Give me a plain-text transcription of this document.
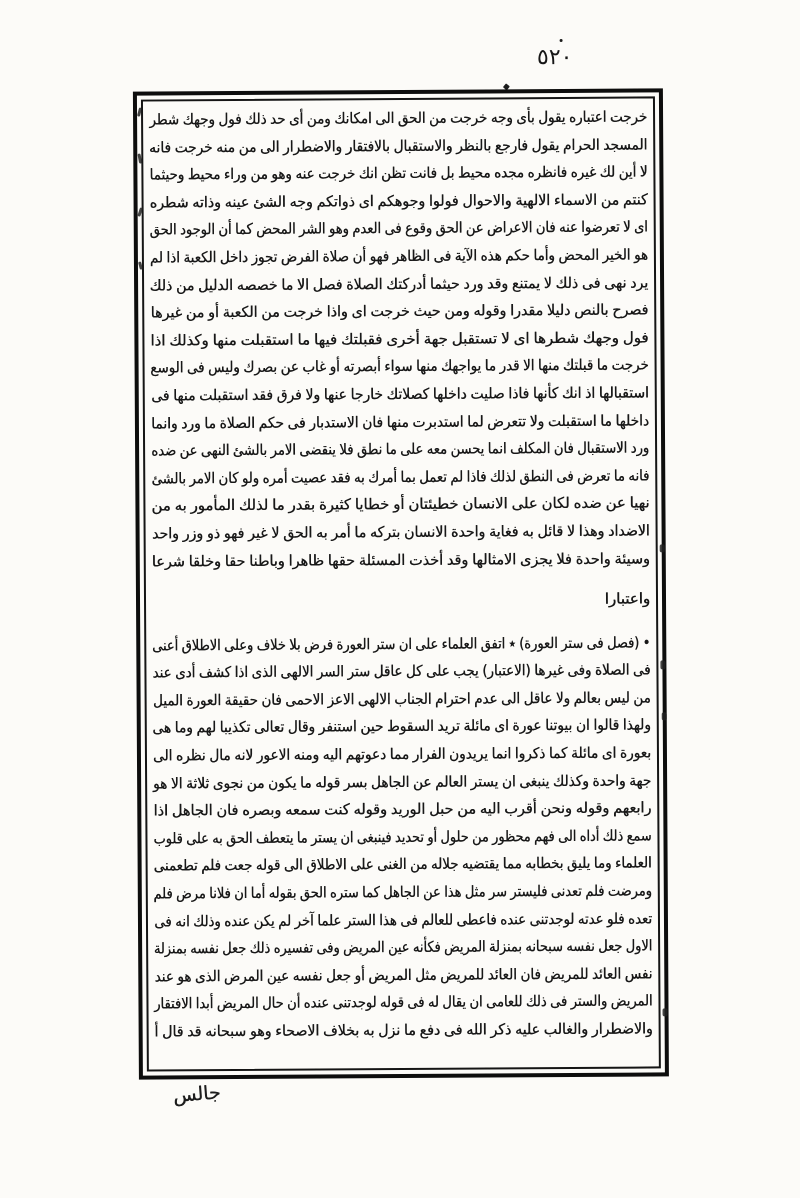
٥٢٠
خرجت
اعتباره
يقول
بأى
وجه
خرجت
من
الحق
الى
امكانك
ومن
أى
حد
ذلك
فول
وجهك
شطر
المسجد
الحرام
يقول
فارجع
بالنظر
والاستقبال
بالافتقار
والاضطرار
الى
من
منه
خرجت
فانه
لا
أين
لك
غيره
فانظره
مجده
محيط
بل
فانت
تظن
انك
خرجت
عنه
وهو
من
وراء
محيط
وحيثما
كنتم
من
الاسماء
الالهية
والاحوال
فولوا
وجوهكم
اى
ذواتكم
وجه
الشئ
عينه
وذاته
شطره
اى
لا
تعرضوا
عنه
فان
الاعراض
عن
الحق
وقوع
فى
العدم
وهو
الشر
المحض
كما
أن
الوجود
الحق
هو
الخير
المحض
وأما
حكم
هذه
الآية
فى
الظاهر
فهو
أن
صلاة
الفرض
تجوز
داخل
الكعبة
اذا
لم
يرد
نهى
فى
ذلك
لا
يمتنع
وقد
ورد
حيثما
أدركتك
الصلاة
فصل
الا
ما
خصصه
الدليل
من
ذلك
فصرح
بالنص
دليلا
مقدرا
وقوله
ومن
حيث
خرجت
اى
واذا
خرجت
من
الكعبة
أو
من
غيرها
فول
وجهك
شطرها
اى
لا
تستقبل
جهة
أخرى
فقبلتك
فيها
ما
استقبلت
منها
وكذلك
اذا
خرجت
ما
قبلتك
منها
الا
قدر
ما
يواجهك
منها
سواء
أبصرته
أو
غاب
عن
بصرك
وليس
فى
الوسع
استقبالها
اذ
انك
كأنها
فاذا
صليت
داخلها
كصلاتك
خارجا
عنها
ولا
فرق
فقد
استقبلت
منها
فى
داخلها
ما
استقبلت
ولا
تتعرض
لما
استدبرت
منها
فان
الاستدبار
فى
حكم
الصلاة
ما
ورد
وانما
ورد
الاستقبال
فان
المكلف
انما
يحسن
معه
على
ما
نطق
فلا
ينقضى
الامر
بالشئ
النهى
عن
ضده
فانه
ما
تعرض
فى
النطق
لذلك
فاذا
لم
تعمل
بما
أمرك
به
فقد
عصيت
أمره
ولو
كان
الامر
بالشئ
نهيا
عن
ضده
لكان
على
الانسان
خطيئتان
أو
خطايا
كثيرة
بقدر
ما
لذلك
المأمور
به
من
الاضداد
وهذا
لا
قائل
به
فغاية
واحدة
الانسان
بتركه
ما
أمر
به
الحق
لا
غير
فهو
ذو
وزر
واحد
وسيئة
واحدة
فلا
يجزى
الامثالها
وقد
أخذت
المسئلة
حقها
ظاهرا
وباطنا
حقا
وخلقا
شرعا
واعتبارا
•
(فصل
فى
ستر
العورة)
٭
اتفق
العلماء
على
ان
ستر
العورة
فرض
بلا
خلاف
وعلى
الاطلاق
أعنى
فى
الصلاة
وفى
غيرها
(الاعتبار)
يجب
على
كل
عاقل
ستر
السر
الالهى
الذى
اذا
كشف
أدى
عند
من
ليس
بعالم
ولا
عاقل
الى
عدم
احترام
الجناب
الالهى
الاعز
الاحمى
فان
حقيقة
العورة
الميل
ولهذا
قالوا
ان
بيوتنا
عورة
اى
مائلة
تريد
السقوط
حين
استنفر
وقال
تعالى
تكذيبا
لهم
وما
هى
بعورة
اى
مائلة
كما
ذكروا
انما
يريدون
الفرار
مما
دعوتهم
اليه
ومنه
الاعور
لانه
مال
نظره
الى
جهة
واحدة
وكذلك
ينبغى
ان
يستر
العالم
عن
الجاهل
بسر
قوله
ما
يكون
من
نجوى
ثلاثة
الا
هو
رابعهم
وقوله
ونحن
أقرب
اليه
من
حبل
الوريد
وقوله
كنت
سمعه
وبصره
فان
الجاهل
اذا
سمع
ذلك
أداه
الى
فهم
محظور
من
حلول
أو
تحديد
فينبغى
ان
يستر
ما
يتعطف
الحق
به
على
قلوب
العلماء
وما
يليق
بخطابه
مما
يقتضيه
جلاله
من
الغنى
على
الاطلاق
الى
قوله
جعت
فلم
تطعمنى
ومرضت
فلم
تعدنى
فليستر
سر
مثل
هذا
عن
الجاهل
كما
ستره
الحق
بقوله
أما
ان
فلانا
مرض
فلم
تعده
فلو
عدته
لوجدتنى
عنده
فاعطى
للعالم
فى
هذا
الستر
علما
آخر
لم
يكن
عنده
وذلك
انه
فى
الاول
جعل
نفسه
سبحانه
بمنزلة
المريض
فكأنه
عين
المريض
وفى
تفسيره
ذلك
جعل
نفسه
بمنزلة
نفس
العائد
للمريض
فان
العائد
للمريض
مثل
المريض
أو
جعل
نفسه
عين
المرض
الذى
هو
عند
المريض
والستر
فى
ذلك
للعامى
ان
يقال
له
فى
قوله
لوجدتنى
عنده
أن
حال
المريض
أبدا
الافتقار
والاضطرار
والغالب
عليه
ذكر
الله
فى
دفع
ما
نزل
به
بخلاف
الاصحاء
وهو
سبحانه
قد
قال
أ
جالس
